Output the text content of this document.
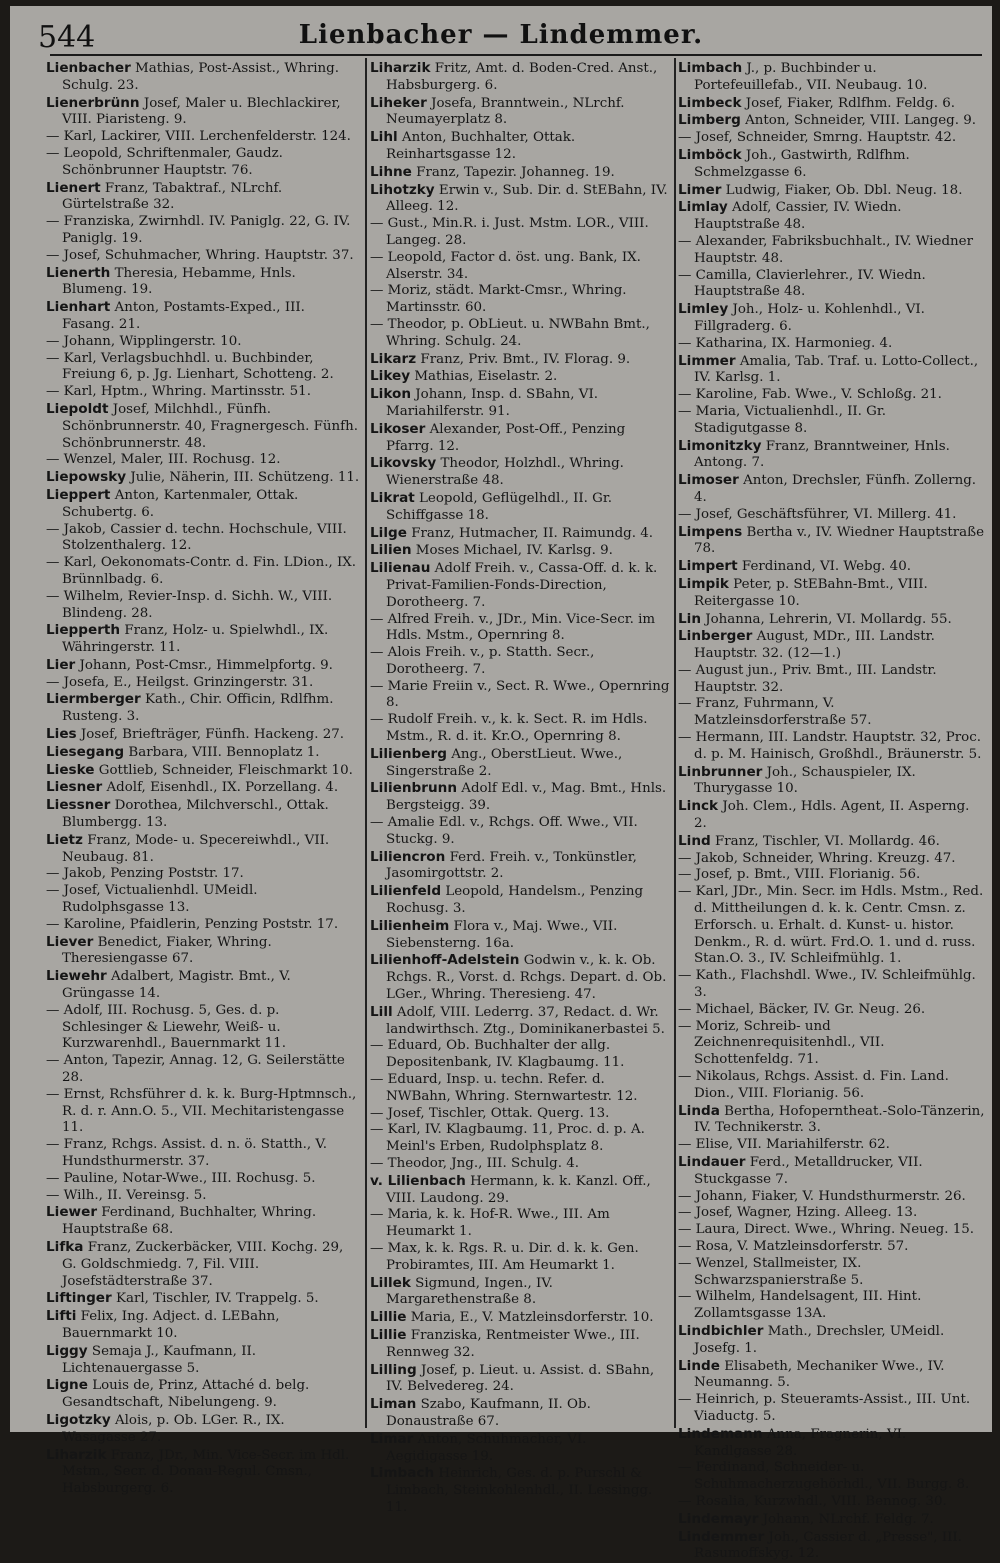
544	Lienbacher — Lindemmer.

Lienbacher Mathias, Post-Assist., Whring. Schulg. 23.

Lienerbrünn Josef, Maler u. Blechlackirer, VIII. Piaristeng. 9.

— Karl, Lackirer, VIII. Lerchenfelderstr. 124.

— Leopold, Schriftenmaler, Gaudz. Schönbrunner Hauptstr. 76.

Lienert Franz, Tabaktraf., NLrchf. Gürtelstraße 32.

— Franziska, Zwirnhdl. IV. Paniglg. 22, G. IV. Paniglg. 19.

— Josef, Schuhmacher, Whring. Hauptstr. 37.

Lienerth Theresia, Hebamme, Hnls. Blumeng. 19.

Lienhart Anton, Postamts-Exped., III. Fasang. 21.

— Johann, Wipplingerstr. 10.

— Karl, Verlagsbuchhdl. u. Buchbinder, Freiung 6, p. Jg. Lienhart, Schotteng. 2.

— Karl, Hptm., Whring. Martinsstr. 51.

Liepoldt Josef, Milchhdl., Fünfh. Schönbrunnerstr. 40, Fragnergesch. Fünfh. Schönbrunnerstr. 48.

— Wenzel, Maler, III. Rochusg. 12.

Liepowsky Julie, Näherin, III. Schützeng. 11.

Lieppert Anton, Kartenmaler, Ottak. Schubertg. 6.

— Jakob, Cassier d. techn. Hochschule, VIII. Stolzenthalerg. 12.

— Karl, Oekonomats-Contr. d. Fin. LDion., IX. Brünnlbadg. 6.

— Wilhelm, Revier-Insp. d. Sichh. W., VIII. Blindeng. 28.

Liepperth Franz, Holz- u. Spielwhdl., IX. Währingerstr. 11.

Lier Johann, Post-Cmsr., Himmelpfortg. 9.

— Josefa, E., Heilgst. Grinzingerstr. 31.

Liermberger Kath., Chir. Officin, Rdlfhm. Rusteng. 3.

Lies Josef, Briefträger, Fünfh. Hackeng. 27.

Liesegang Barbara, VIII. Bennoplatz 1.

Lieske Gottlieb, Schneider, Fleischmarkt 10.

Liesner Adolf, Eisenhdl., IX. Porzellang. 4.

Liessner Dorothea, Milchverschl., Ottak. Blumbergg. 13.

Lietz Franz, Mode- u. Specereiwhdl., VII. Neubaug. 81.

— Jakob, Penzing Poststr. 17.

— Josef, Victualienhdl. UMeidl. Rudolphsgasse 13.

— Karoline, Pfaidlerin, Penzing Poststr. 17.

Liever Benedict, Fiaker, Whring. Theresiengasse 67.

Liewehr Adalbert, Magistr. Bmt., V. Grüngasse 14.

— Adolf, III. Rochusg. 5, Ges. d. p. Schlesinger & Liewehr, Weiß- u. Kurzwarenhdl., Bauernmarkt 11.

— Anton, Tapezir, Annag. 12, G. Seilerstätte 28.

— Ernst, Rchsführer d. k. k. Burg-Hptmnsch., R. d. r. Ann.O. 5., VII. Mechitaristengasse 11.

— Franz, Rchgs. Assist. d. n. ö. Statth., V. Hundsthurmerstr. 37.

— Pauline, Notar-Wwe., III. Rochusg. 5.

— Wilh., II. Vereinsg. 5.

Liewer Ferdinand, Buchhalter, Whring. Hauptstraße 68.

Lifka Franz, Zuckerbäcker, VIII. Kochg. 29, G. Goldschmiedg. 7, Fil. VIII. Josefstädterstraße 37.

Liftinger Karl, Tischler, IV. Trappelg. 5.

Lifti Felix, Ing. Adject. d. LEBahn, Bauernmarkt 10.

Liggy Semaja J., Kaufmann, II. Lichtenauergasse 5.

Ligne Louis de, Prinz, Attaché d. belg. Gesandtschaft, Nibelungeng. 9.

Ligotzky Alois, p. Ob. LGer. R., IX. Wasagasse 27.

Liharzik Franz, JDr., Min. Vice-Secr. im Hdl. Mstm., Secr. d. Donau-Regul. Cmsn., Habsburgerg. 6.

Liharzik Fritz, Amt. d. Boden-Cred. Anst., Habsburgerg. 6.

Liheker Josefa, Branntwein., NLrchf. Neumayerplatz 8.

Lihl Anton, Buchhalter, Ottak. Reinhartsgasse 12.

Lihne Franz, Tapezir. Johanneg. 19.

Lihotzky Erwin v., Sub. Dir. d. StEBahn, IV. Alleeg. 12.

— Gust., Min.R. i. Just. Mstm. LOR., VIII. Langeg. 28.

— Leopold, Factor d. öst. ung. Bank, IX. Alserstr. 34.

— Moriz, städt. Markt-Cmsr., Whring. Martinsstr. 60.

— Theodor, p. ObLieut. u. NWBahn Bmt., Whring. Schulg. 24.

Likarz Franz, Priv. Bmt., IV. Florag. 9.

Likey Mathias, Eiselastr. 2.

Likon Johann, Insp. d. SBahn, VI. Mariahilferstr. 91.

Likoser Alexander, Post-Off., Penzing Pfarrg. 12.

Likovsky Theodor, Holzhdl., Whring. Wienerstraße 48.

Likrat Leopold, Geflügelhdl., II. Gr. Schiffgasse 18.

Lilge Franz, Hutmacher, II. Raimundg. 4.

Lilien Moses Michael, IV. Karlsg. 9.

Lilienau Adolf Freih. v., Cassa-Off. d. k. k. Privat-Familien-Fonds-Direction, Dorotheerg. 7.

— Alfred Freih. v., JDr., Min. Vice-Secr. im Hdls. Mstm., Opernring 8.

— Alois Freih. v., p. Statth. Secr., Dorotheerg. 7.

— Marie Freiin v., Sect. R. Wwe., Opernring 8.

— Rudolf Freih. v., k. k. Sect. R. im Hdls. Mstm., R. d. it. Kr.O., Opernring 8.

Lilienberg Ang., OberstLieut. Wwe., Singerstraße 2.

Lilienbrunn Adolf Edl. v., Mag. Bmt., Hnls. Bergsteigg. 39.

— Amalie Edl. v., Rchgs. Off. Wwe., VII. Stuckg. 9.

Liliencron Ferd. Freih. v., Tonkünstler, Jasomirgottstr. 2.

Lilienfeld Leopold, Handelsm., Penzing Rochusg. 3.

Lilienheim Flora v., Maj. Wwe., VII. Siebensterng. 16a.

Lilienhoff-Adelstein Godwin v., k. k. Ob. Rchgs. R., Vorst. d. Rchgs. Depart. d. Ob. LGer., Whring. Theresieng. 47.

Lill Adolf, VIII. Lederrg. 37, Redact. d. Wr. landwirthsch. Ztg., Dominikanerbastei 5.

— Eduard, Ob. Buchhalter der allg. Depositenbank, IV. Klagbaumg. 11.

— Eduard, Insp. u. techn. Refer. d. NWBahn, Whring. Sternwartestr. 12.

— Josef, Tischler, Ottak. Querg. 13.

— Karl, IV. Klagbaumg. 11, Proc. d. p. A. Meinl's Erben, Rudolphsplatz 8.

— Theodor, Jng., III. Schulg. 4.

v. Lilienbach Hermann, k. k. Kanzl. Off., VIII. Laudong. 29.

— Maria, k. k. Hof-R. Wwe., III. Am Heumarkt 1.

— Max, k. k. Rgs. R. u. Dir. d. k. k. Gen. Probiramtes, III. Am Heumarkt 1.

Lillek Sigmund, Ingen., IV. Margarethenstraße 8.

Lillie Maria, E., V. Matzleinsdorferstr. 10.

Lillie Franziska, Rentmeister Wwe., III. Rennweg 32.

Lilling Josef, p. Lieut. u. Assist. d. SBahn, IV. Belvedereg. 24.

Liman Szabo, Kaufmann, II. Ob. Donaustraße 67.

Limar Anton, Schuhmacher, VI. Aegidigasse 19.

Limbach Heinrich, Ges. d. p. Purschl & Limbach, Steinkohlenhdl., II. Lessingg. 11.

Limbach J., p. Buchbinder u. Portefeuillefab., VII. Neubaug. 10.

Limbeck Josef, Fiaker, Rdlfhm. Feldg. 6.

Limberg Anton, Schneider, VIII. Langeg. 9.

— Josef, Schneider, Smrng. Hauptstr. 42.

Limböck Joh., Gastwirth, Rdlfhm. Schmelzgasse 6.

Limer Ludwig, Fiaker, Ob. Dbl. Neug. 18.

Limlay Adolf, Cassier, IV. Wiedn. Hauptstraße 48.

— Alexander, Fabriksbuchhalt., IV. Wiedner Hauptstr. 48.

— Camilla, Clavierlehrer., IV. Wiedn. Hauptstraße 48.

Limley Joh., Holz- u. Kohlenhdl., VI. Fillgraderg. 6.

— Katharina, IX. Harmonieg. 4.

Limmer Amalia, Tab. Traf. u. Lotto-Collect., IV. Karlsg. 1.

— Karoline, Fab. Wwe., V. Schloßg. 21.

— Maria, Victualienhdl., II. Gr. Stadigutgasse 8.

Limonitzky Franz, Branntweiner, Hnls. Antong. 7.

Limoser Anton, Drechsler, Fünfh. Zollerng. 4.

— Josef, Geschäftsführer, VI. Millerg. 41.

Limpens Bertha v., IV. Wiedner Hauptstraße 78.

Limpert Ferdinand, VI. Webg. 40.

Limpik Peter, p. StEBahn-Bmt., VIII. Reitergasse 10.

Lin Johanna, Lehrerin, VI. Mollardg. 55.

Linberger August, MDr., III. Landstr. Hauptstr. 32. (12—1.)

— August jun., Priv. Bmt., III. Landstr. Hauptstr. 32.

— Franz, Fuhrmann, V. Matzleinsdorferstraße 57.

— Hermann, III. Landstr. Hauptstr. 32, Proc. d. p. M. Hainisch, Großhdl., Bräunerstr. 5.

Linbrunner Joh., Schauspieler, IX. Thurygasse 10.

Linck Joh. Clem., Hdls. Agent, II. Asperng. 2.

Lind Franz, Tischler, VI. Mollardg. 46.

— Jakob, Schneider, Whring. Kreuzg. 47.

— Josef, p. Bmt., VIII. Florianig. 56.

— Karl, JDr., Min. Secr. im Hdls. Mstm., Red. d. Mittheilungen d. k. k. Centr. Cmsn. z. Erforsch. u. Erhalt. d. Kunst- u. histor. Denkm., R. d. würt. Frd.O. 1. und d. russ. Stan.O. 3., IV. Schleifmühlg. 1.

— Kath., Flachshdl. Wwe., IV. Schleifmühlg. 3.

— Michael, Bäcker, IV. Gr. Neug. 26.

— Moriz, Schreib- und Zeichnenrequisitenhdl., VII. Schottenfeldg. 71.

— Nikolaus, Rchgs. Assist. d. Fin. Land. Dion., VIII. Florianig. 56.

Linda Bertha, Hofopernthеat.-Solo-Tänzerin, IV. Technikerstr. 3.

— Elise, VII. Mariahilferstr. 62.

Lindauer Ferd., Metalldrucker, VII. Stuckgasse 7.

— Johann, Fiaker, V. Hundsthurmerstr. 26.

— Josef, Wagner, Hzing. Alleeg. 13.

— Laura, Direct. Wwe., Whring. Neueg. 15.

— Rosa, V. Matzleinsdorferstr. 57.

— Wenzel, Stallmeister, IX. Schwarzspanierstraße 5.

— Wilhelm, Handelsagent, III. Hint. Zollamtsgasse 13A.

Lindbichler Math., Drechsler, UMeidl. Josefg. 1.

Linde Elisabeth, Mechaniker Wwe., IV. Neumanng. 5.

— Heinrich, p. Steueramts-Assist., III. Unt. Viaductg. 5.

Lindemann Anna, Fragnerin, VI. Kandlgasse 28.

— Ferdinand, Schneider- u. Schuhmacherzugehörhdl., VII. Burgg. 8.

— Rosalia, Kurzwhdl., VIII. Bennog. 30.

Lindemayr Johann, NLrchf. Feldg. 7.

Lindemmer Joh., Cassier d. „Presse", III. Rasumoffskyg. 12.
